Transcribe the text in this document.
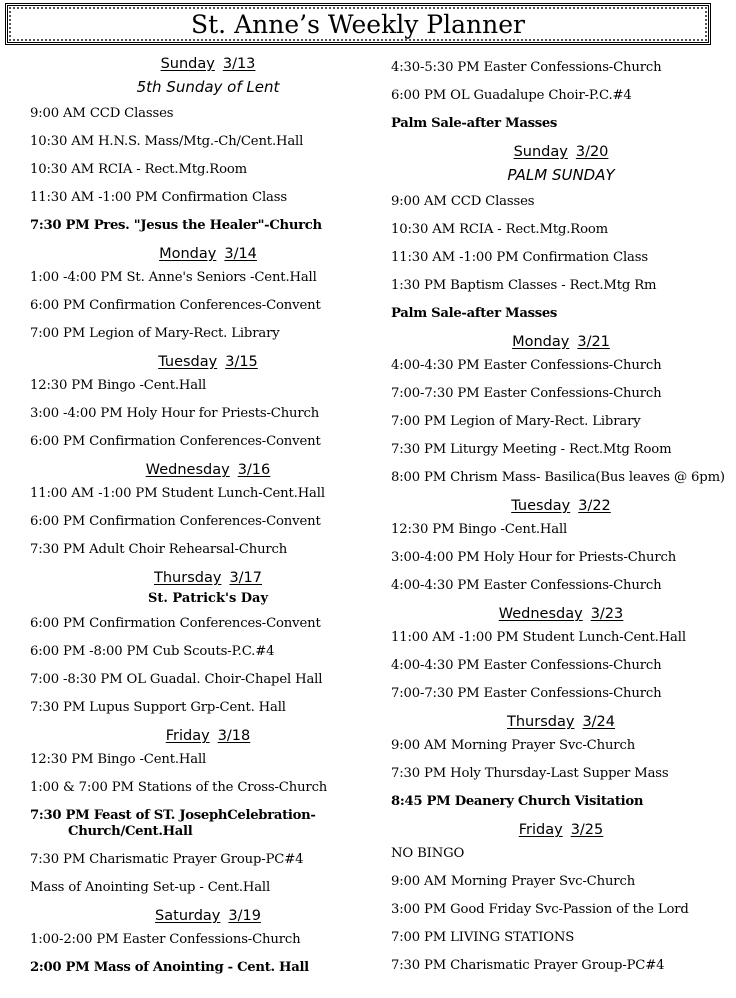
St. Anne’s Weekly Planner
Sunday 3/13
5th Sunday of Lent
9:00 AM CCD Classes
10:30 AM H.N.S. Mass/Mtg.-Ch/Cent.Hall
10:30 AM RCIA - Rect.Mtg.Room
11:30 AM -1:00 PM Confirmation Class
7:30 PM Pres. "Jesus the Healer"-Church
Monday 3/14
1:00 -4:00 PM St. Anne's Seniors -Cent.Hall
6:00 PM Confirmation Conferences-Convent
7:00 PM Legion of Mary-Rect. Library
Tuesday 3/15
12:30 PM Bingo -Cent.Hall
3:00 -4:00 PM Holy Hour for Priests-Church
6:00 PM Confirmation Conferences-Convent
Wednesday 3/16
11:00 AM -1:00 PM Student Lunch-Cent.Hall
6:00 PM Confirmation Conferences-Convent
7:30 PM Adult Choir Rehearsal-Church
Thursday 3/17
St. Patrick's Day
6:00 PM Confirmation Conferences-Convent
6:00 PM -8:00 PM Cub Scouts-P.C.#4
7:00 -8:30 PM OL Guadal. Choir-Chapel Hall
7:30 PM Lupus Support Grp-Cent. Hall
Friday 3/18
12:30 PM Bingo -Cent.Hall
1:00 & 7:00 PM Stations of the Cross-Church
7:30 PM Feast of ST. JosephCelebration-
Church/Cent.Hall
7:30 PM Charismatic Prayer Group-PC#4
Mass of Anointing Set-up - Cent.Hall
Saturday 3/19
1:00-2:00 PM Easter Confessions-Church
2:00 PM Mass of Anointing - Cent. Hall
4:30-5:30 PM Easter Confessions-Church
6:00 PM OL Guadalupe Choir-P.C.#4
Palm Sale-after Masses
Sunday 3/20
PALM SUNDAY
9:00 AM CCD Classes
10:30 AM RCIA - Rect.Mtg.Room
11:30 AM -1:00 PM Confirmation Class
1:30 PM Baptism Classes - Rect.Mtg Rm
Palm Sale-after Masses
Monday 3/21
4:00-4:30 PM Easter Confessions-Church
7:00-7:30 PM Easter Confessions-Church
7:00 PM Legion of Mary-Rect. Library
7:30 PM Liturgy Meeting - Rect.Mtg Room
8:00 PM Chrism Mass- Basilica(Bus leaves @ 6pm)
Tuesday 3/22
12:30 PM Bingo -Cent.Hall
3:00-4:00 PM Holy Hour for Priests-Church
4:00-4:30 PM Easter Confessions-Church
Wednesday 3/23
11:00 AM -1:00 PM Student Lunch-Cent.Hall
4:00-4:30 PM Easter Confessions-Church
7:00-7:30 PM Easter Confessions-Church
Thursday 3/24
9:00 AM Morning Prayer Svc-Church
7:30 PM Holy Thursday-Last Supper Mass
8:45 PM Deanery Church Visitation
Friday 3/25
NO BINGO
9:00 AM Morning Prayer Svc-Church
3:00 PM Good Friday Svc-Passion of the Lord
7:00 PM LIVING STATIONS
7:30 PM Charismatic Prayer Group-PC#4
